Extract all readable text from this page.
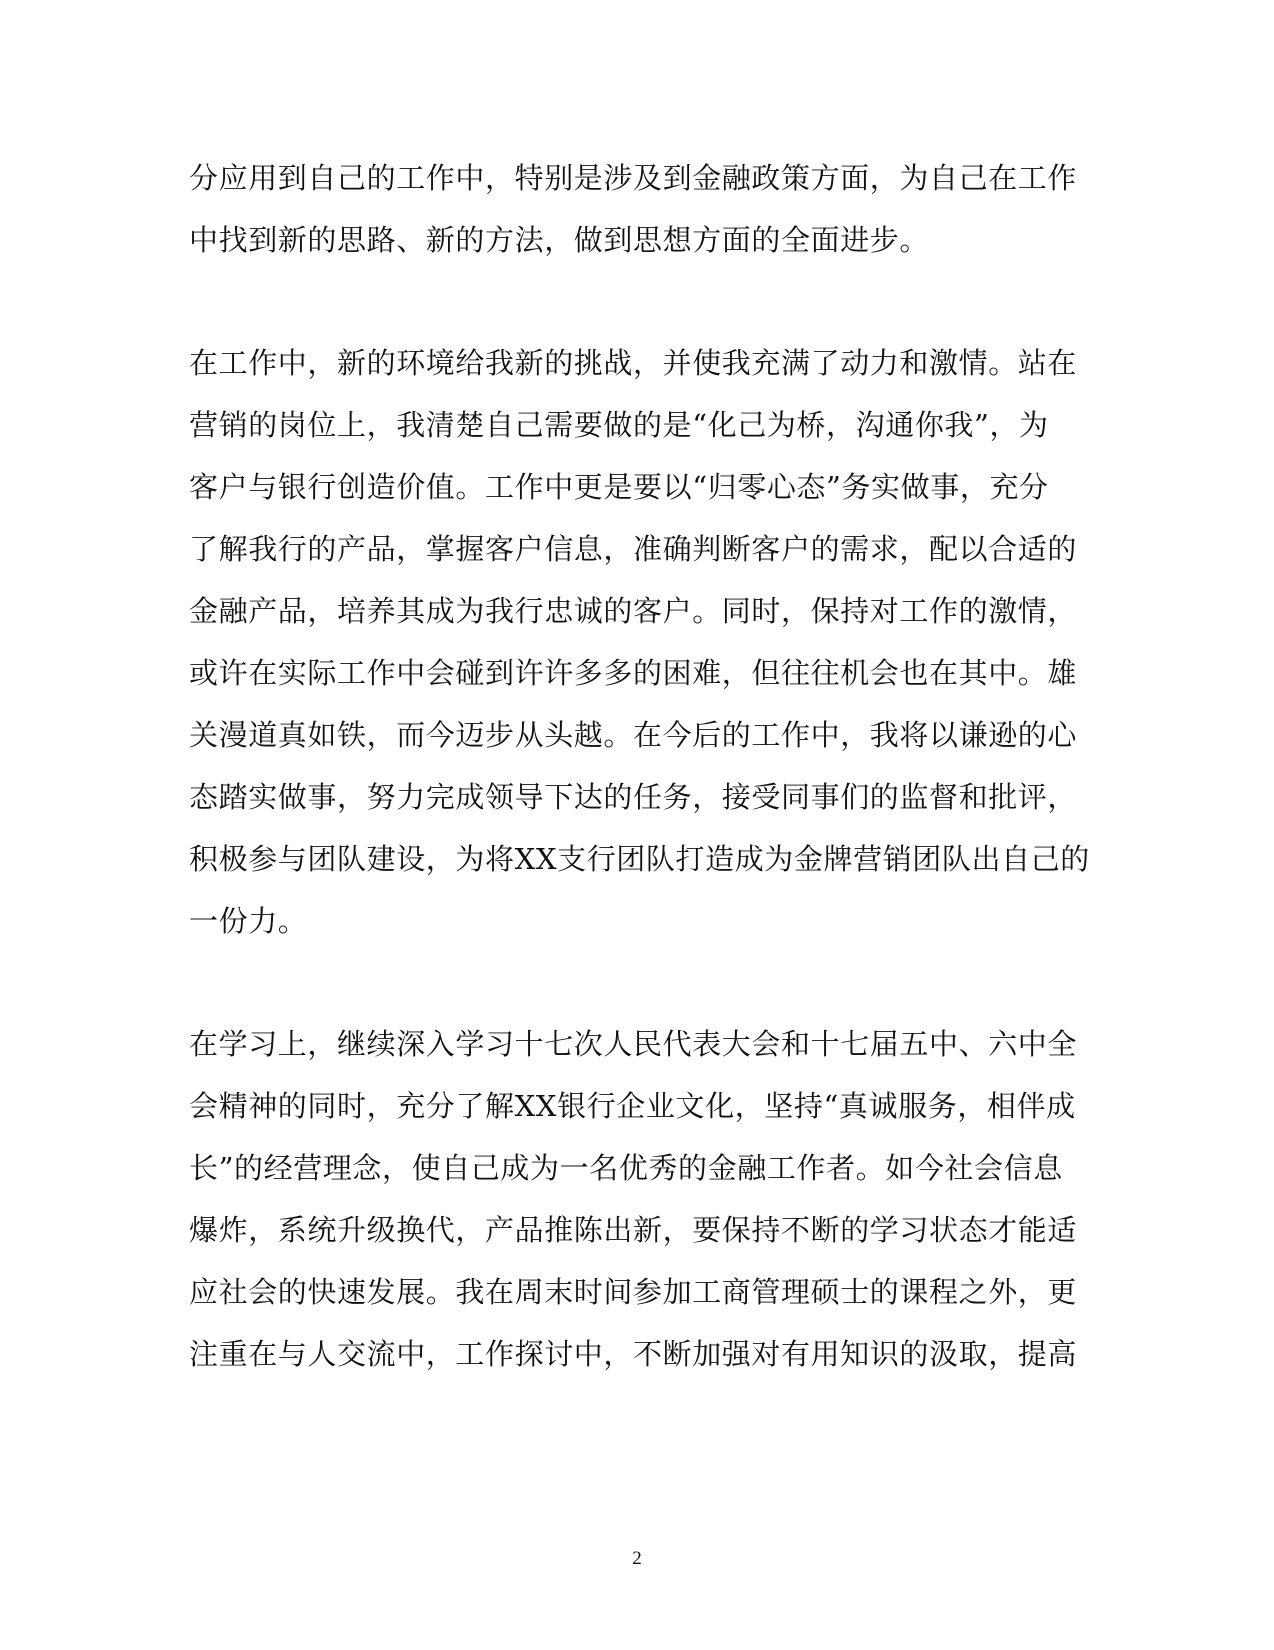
分应用到自己的工作中，特别是涉及到金融政策方面，为自己在工作
中找到新的思路、新的方法，做到思想方面的全面进步。
在工作中，新的环境给我新的挑战，并使我充满了动力和激情。站在
营销的岗位上，我清楚自己需要做的是“化己为桥，沟通你我”，为
客户与银行创造价值。工作中更是要以“归零心态”务实做事，充分
了解我行的产品，掌握客户信息，准确判断客户的需求，配以合适的
金融产品，培养其成为我行忠诚的客户。同时，保持对工作的激情，
或许在实际工作中会碰到许许多多的困难，但往往机会也在其中。雄
关漫道真如铁，而今迈步从头越。在今后的工作中，我将以谦逊的心
态踏实做事，努力完成领导下达的任务，接受同事们的监督和批评，
积极参与团队建设，为将XX支行团队打造成为金牌营销团队出自己的
一份力。
在学习上，继续深入学习十七次人民代表大会和十七届五中、六中全
会精神的同时，充分了解XX银行企业文化，坚持“真诚服务，相伴成
长”的经营理念，使自己成为一名优秀的金融工作者。如今社会信息
爆炸，系统升级换代，产品推陈出新，要保持不断的学习状态才能适
应社会的快速发展。我在周末时间参加工商管理硕士的课程之外，更
注重在与人交流中，工作探讨中，不断加强对有用知识的汲取，提高
2
